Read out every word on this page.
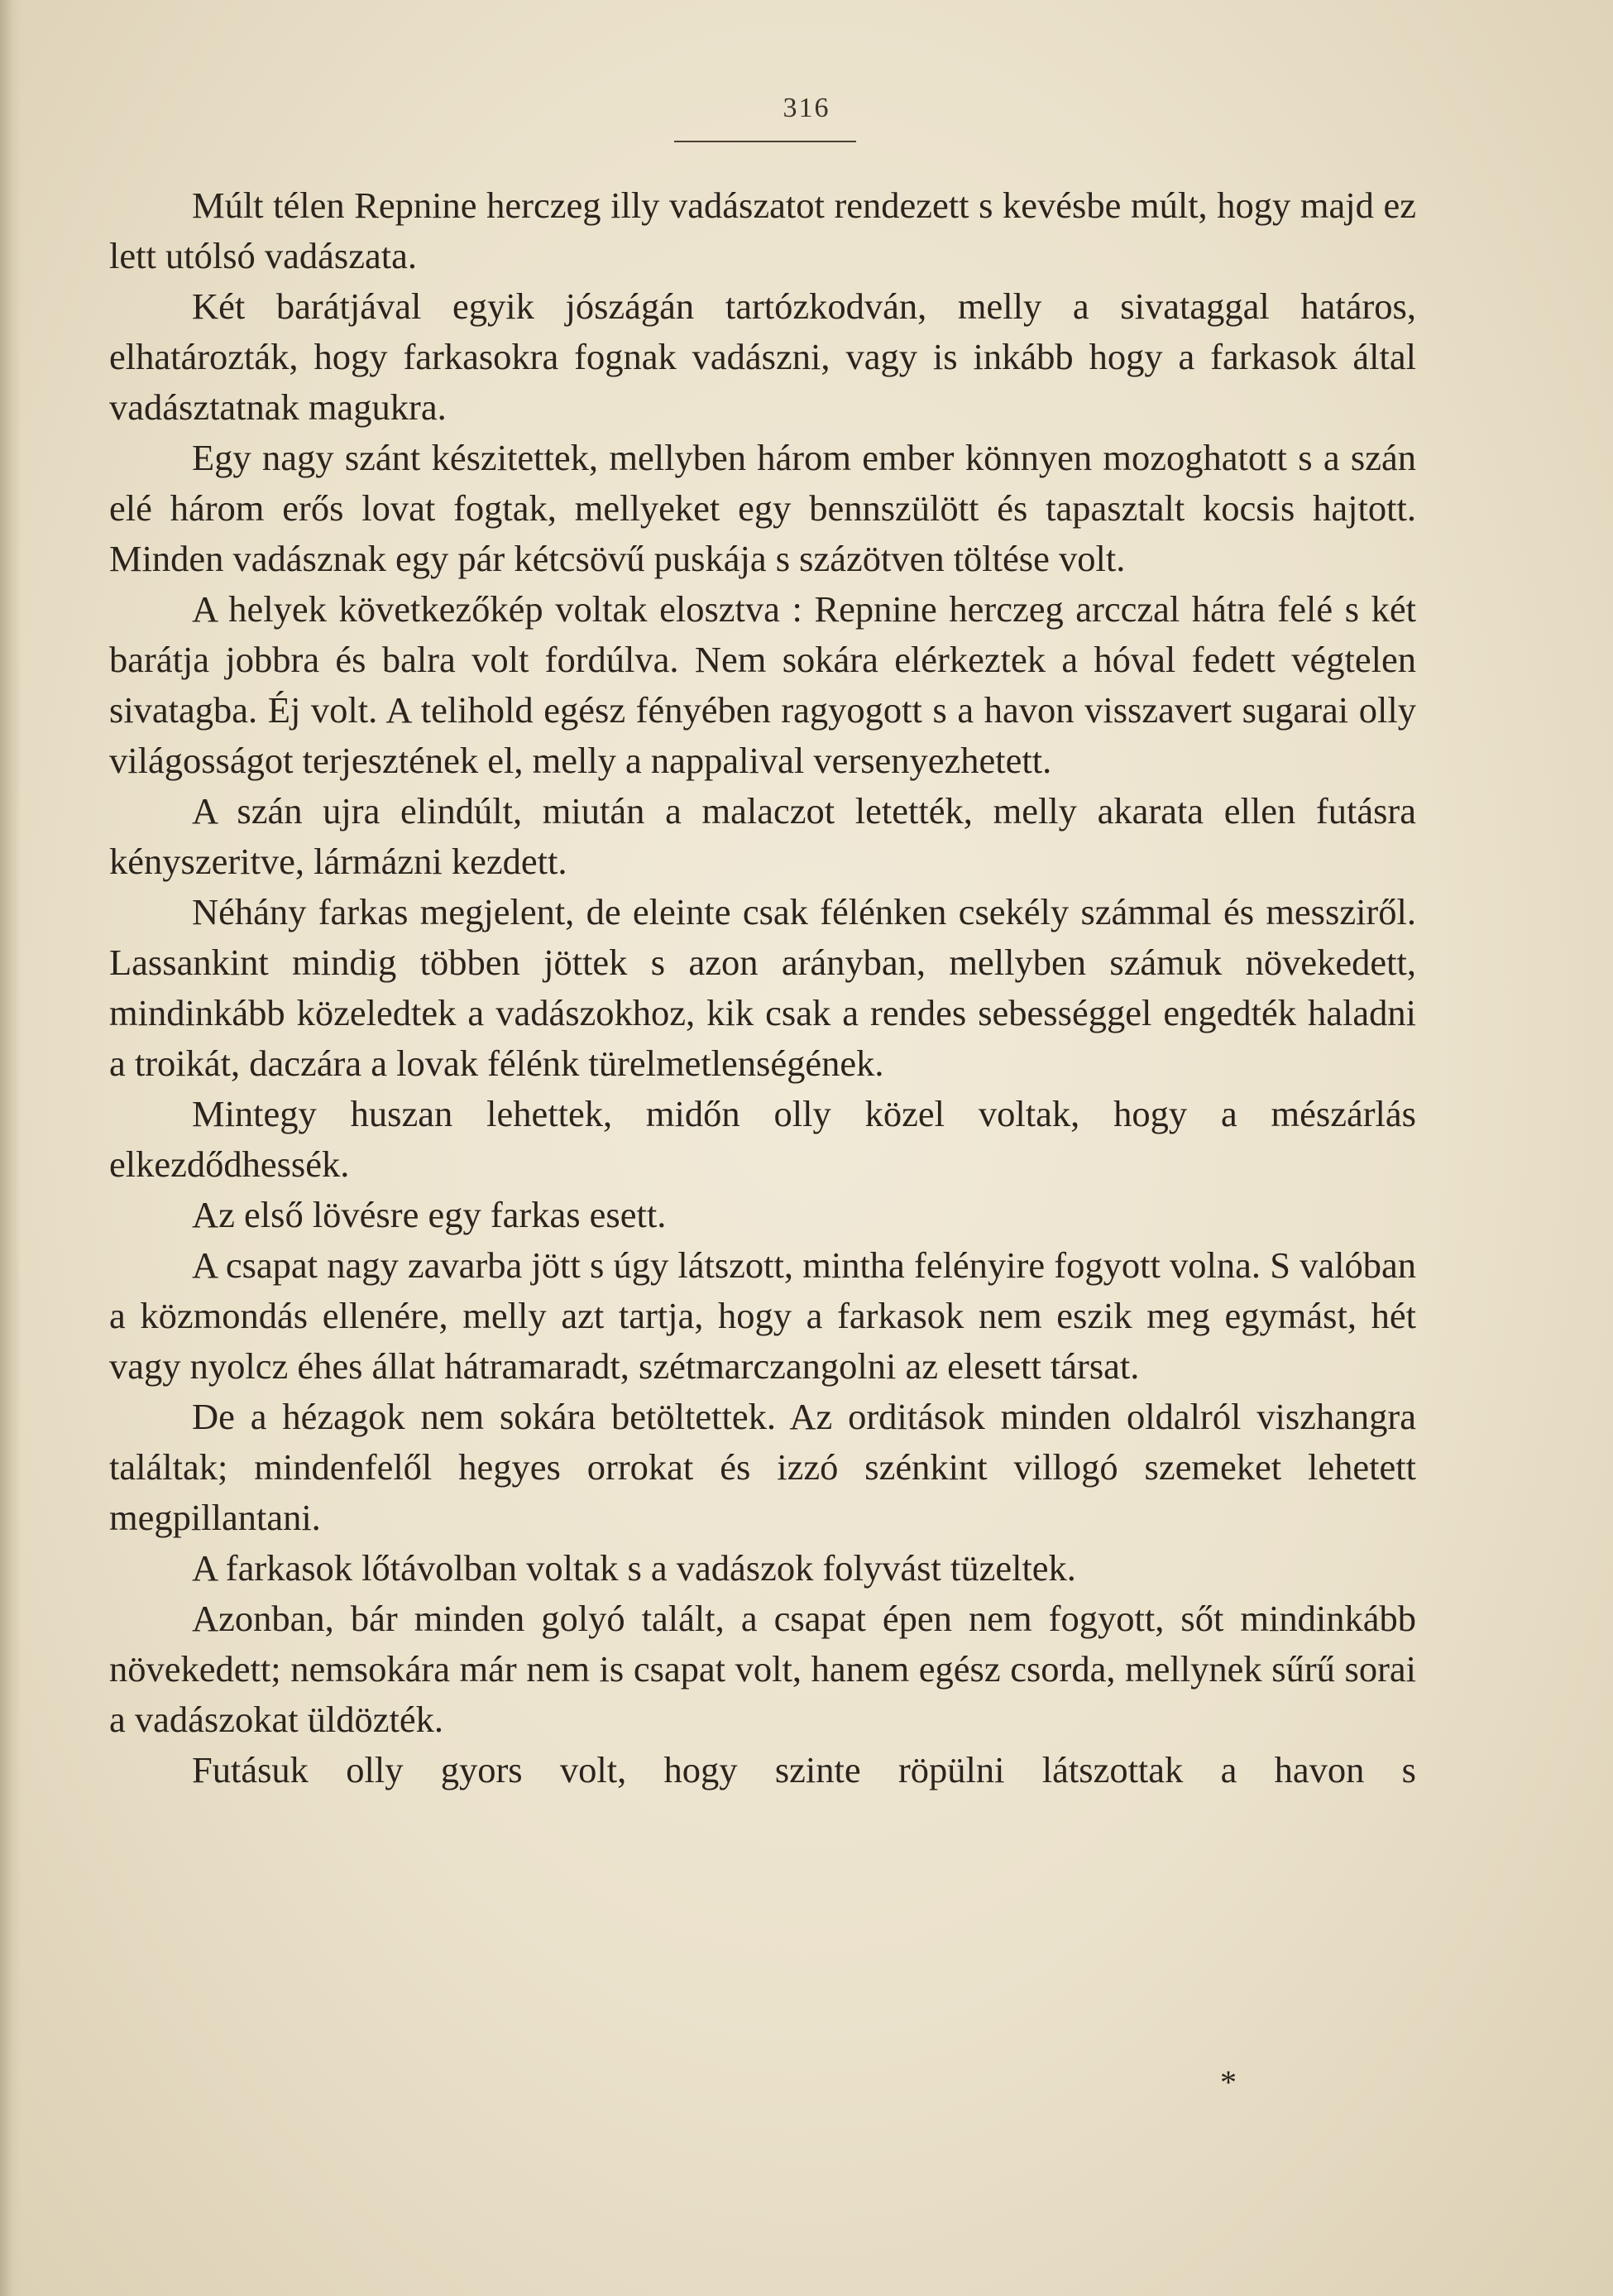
316

Múlt télen Repnine herczeg illy vadászatot rendezett s kevésbe múlt, hogy majd ez lett utólsó vadászata.

Két barátjával egyik jószágán tartózkodván, melly a sivataggal határos, elhatározták, hogy farkasokra fognak vadászni, vagy is inkább hogy a farkasok által vadásztatnak magukra.

Egy nagy szánt készitettek, mellyben három ember könnyen mozoghatott s a szán elé három erős lovat fogtak, mellyeket egy bennszülött és tapasztalt kocsis hajtott. Minden vadásznak egy pár kétcsövű puskája s százötven töltése volt.

A helyek következőkép voltak elosztva : Repnine herczeg arcczal hátra felé s két barátja jobbra és balra volt fordúlva. Nem sokára elérkeztek a hóval fedett végtelen sivatagba. Éj volt. A telihold egész fényében ragyogott s a havon visszavert sugarai olly világosságot terjesztének el, melly a nappalival versenyezhetett.

A szán ujra elindúlt, miután a malaczot letették, melly akarata ellen futásra kényszeritve, lármázni kezdett.

Néhány farkas megjelent, de eleinte csak félénken csekély számmal és messziről. Lassankint mindig többen jöttek s azon arányban, mellyben számuk növekedett, mindinkább közeledtek a vadászokhoz, kik csak a rendes sebességgel engedték haladni a troikát, daczára a lovak félénk türelmetlenségének.

Mintegy huszan lehettek, midőn olly közel voltak, hogy a mészárlás elkezdődhessék.

Az első lövésre egy farkas esett.

A csapat nagy zavarba jött s úgy látszott, mintha felényire fogyott volna. S valóban a közmondás ellenére, melly azt tartja, hogy a farkasok nem eszik meg egymást, hét vagy nyolcz éhes állat hátramaradt, szétmarczangolni az elesett társat.

De a hézagok nem sokára betöltettek. Az orditások minden oldalról viszhangra találtak; mindenfelől hegyes orrokat és izzó szénkint villogó szemeket lehetett megpillantani.

A farkasok lőtávolban voltak s a vadászok folyvást tüzeltek.

Azonban, bár minden golyó talált, a csapat épen nem fogyott, sőt mindinkább növekedett; nemsokára már nem is csapat volt, hanem egész csorda, mellynek sűrű sorai a vadászokat üldözték.

Futásuk olly gyors volt, hogy szinte röpülni látszottak a havon s

*
